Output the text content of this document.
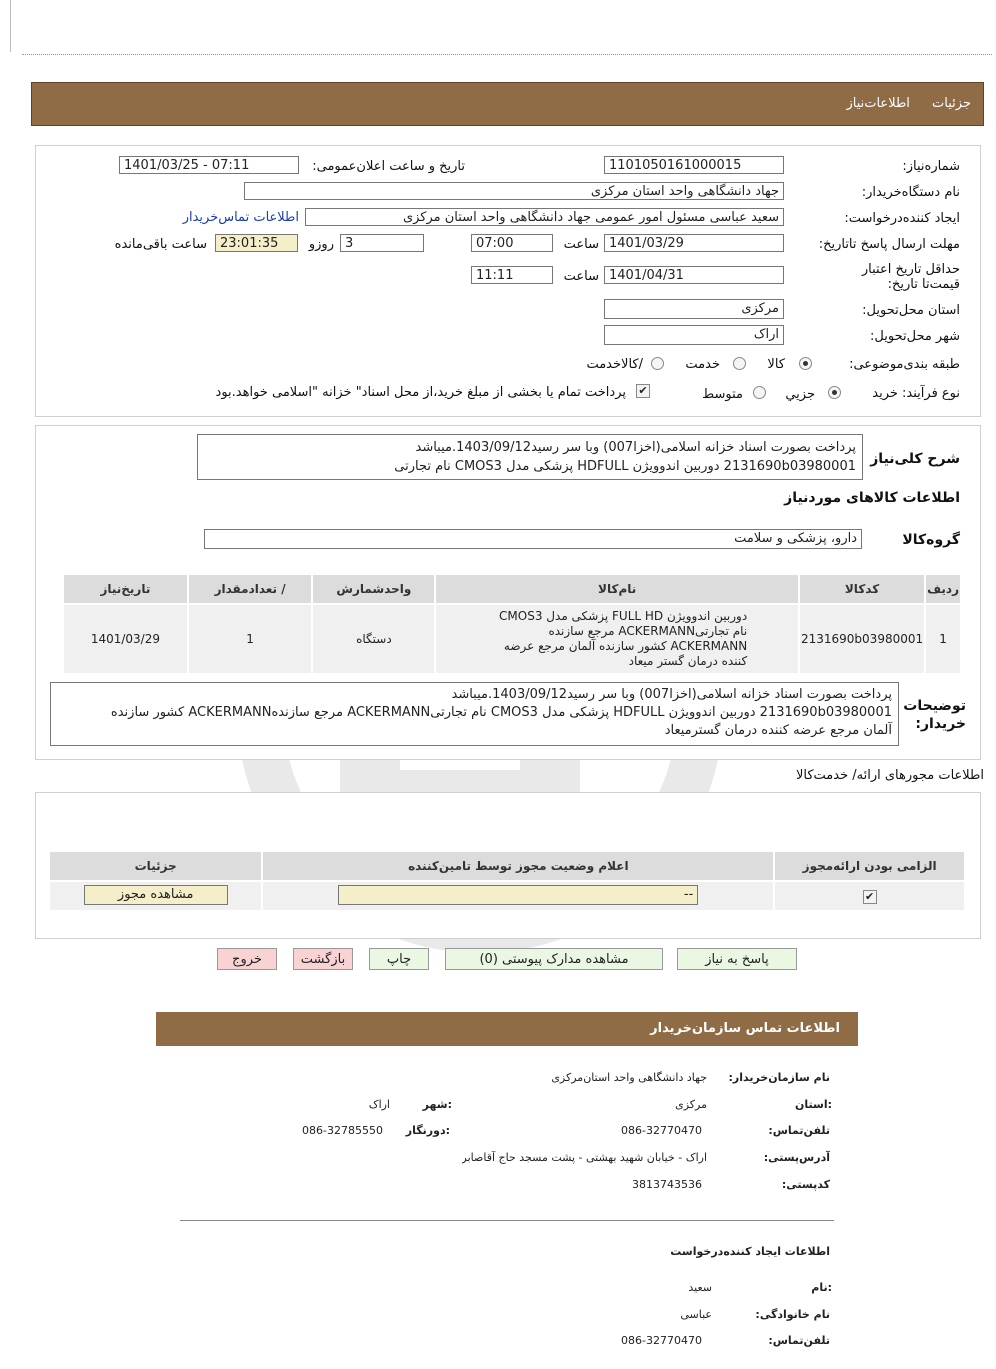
جزئیات اطلاعات‌نیاز
شماره‌نیاز:
1101050161000015
تاریخ و ساعت اعلان‌عمومی:
1401/03/25 - 07:11
نام دستگاه‌خریدار:
جهاد دانشگاهی واحد استان مرکزی
ایجاد کننده‌درخواست:
سعید عباسی مسئول امور عمومی جهاد دانشگاهی واحد استان مرکزی
اطلاعات تماس‌خریدار
مهلت ارسال پاسخ تا‌تاریخ:
1401/03/29
ساعت
07:00
روزو 3
23:01:35
ساعت باقی‌مانده
حداقل تاریخ اعتبار قیمت‌تا تاریخ:
1401/04/31
ساعت
11:11
استان محل‌تحویل:
مرکزی
شهر محل‌تحویل:
اراک
طبقه بندی‌موضوعی:
کالا
خدمت
/کالاخدمت
نوع فرآیند: خرید
جزیي
متوسط
✔
پرداخت تمام یا بخشی از مبلغ خرید،از محل اسناد" خزانه "اسلامی خواهد.بود
شرح کلی‌نیاز
پرداخت بصورت اسناد خزانه اسلامی(اخزا007) وبا سر رسید1403/09/12.میباشد
2131690b03980001 دوربین اندوویژن HDFULL پزشکی مدل CMOS3 نام تجارتی
اطلاعات کالاهای موردنیاز
گروه‌کالا
دارو، پزشکی و سلامت
ردیف	کدکالا	نام‌کالا	واحدشمارش	/ تعدادمقدار	تاریخ‌نیاز
1	2131690b03980001	دوربین اندوویژن FULL HD پزشکی مدل CMOS3 نام تجارتیACKERMANN مرجع سازنده ACKERMANN کشور سازنده آلمان مرجع عرضه کننده درمان گستر میعاد	دستگاه	1	1401/03/29
توضیحات خریدار:
پرداخت بصورت اسناد خزانه اسلامی(اخزا007) وبا سر رسید1403/09/12.میباشد
2131690b03980001 دوربین اندوویژن HDFULL پزشکی مدل CMOS3 نام تجارتیACKERMANN مرجع سازندهACKERMANN کشور سازنده
آلمان مرجع عرضه کننده درمان گسترمیعاد
اطلاعات مجورهای ارائه/ خدمت‌کالا
الزامی بودن ارائه‌مجوز	اعلام وضعیت مجوز توسط تامین‌کننده	جزئیات
✔	--	مشاهده مجوز
پاسخ به نیاز
مشاهده مدارک پیوستی (0)
چاپ
بازگشت
خروج
اطلاعات تماس سازمان‌خریدار
نام سازمان‌خریدار:
جهاد دانشگاهی واحد استان‌مرکزی
:استان
مرکزی
:شهر
اراک
تلفن‌تماس:
086-32770470
:دورنگار
086-32785550
آدرس‌پستی:
اراک - خیابان شهید بهشتی - پشت مسجد حاج آقاصابر
کدپستی:
3813743536
اطلاعات ایجاد کننده‌درخواست
:نام
سعید
نام خانوادگی:
عباسی
تلفن‌تماس:
086-32770470
